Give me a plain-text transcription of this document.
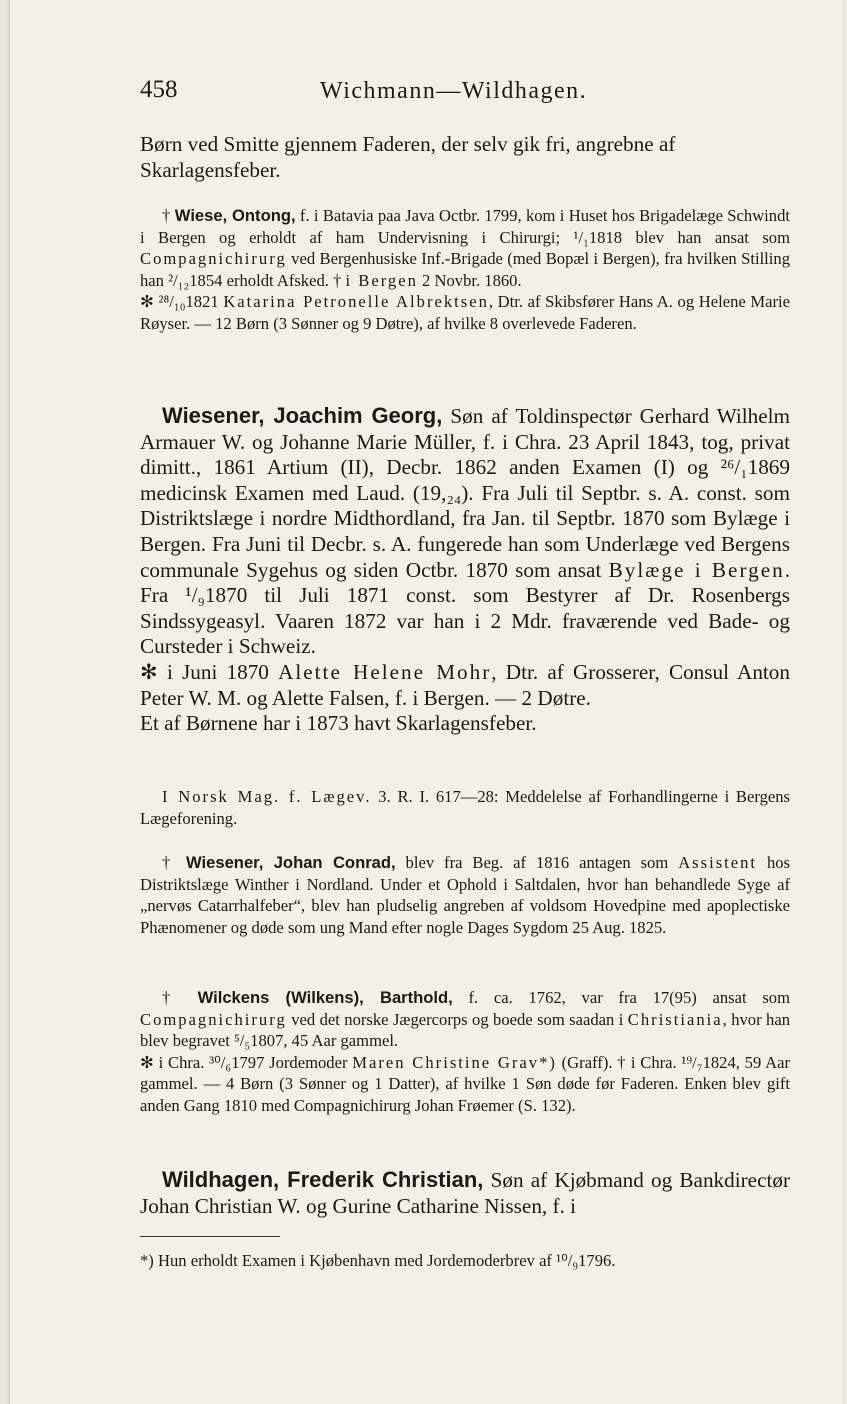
458	Wichmann—Wildhagen.

Børn ved Smitte gjennem Faderen, der selv gik fri, angrebne af
Skarlagensfeber.

† Wiese, Ontong, f. i Batavia paa Java Octbr. 1799, kom i Huset hos Brigadelæge Schwindt i Bergen og erholdt af ham Undervisning i Chirurgi; ¹/₁1818 blev han ansat som Compagnichirurg ved Bergenhusiske Inf.-Brigade (med Bopæl i Bergen), fra hvilken Stilling han ²/₁₂1854 erholdt Afsked. † i Bergen 2 Novbr. 1860.
✻ ²⁸/₁₀1821 Katarina Petronelle Albrektsen, Dtr. af Skibsfører Hans A. og Helene Marie Røyser. — 12 Børn (3 Sønner og 9 Døtre), af hvilke 8 overlevede Faderen.

Wiesener, Joachim Georg, Søn af Toldinspectør Gerhard Wilhelm Armauer W. og Johanne Marie Müller, f. i Chra. 23 April 1843, tog, privat dimitt., 1861 Artium (II), Decbr. 1862 anden Examen (I) og ²⁶/₁1869 medicinsk Examen med Laud. (19,₂₄). Fra Juli til Septbr. s. A. const. som Distriktslæge i nordre Midthordland, fra Jan. til Septbr. 1870 som Bylæge i Bergen. Fra Juni til Decbr. s. A. fungerede han som Underlæge ved Bergens communale Sygehus og siden Octbr. 1870 som ansat Bylæge i Bergen. Fra ¹/₉1870 til Juli 1871 const. som Bestyrer af Dr. Rosenbergs Sindssygeasyl. Vaaren 1872 var han i 2 Mdr. fraværende ved Bade- og Cursteder i Schweiz.
✻ i Juni 1870 Alette Helene Mohr, Dtr. af Grosserer, Consul Anton Peter W. M. og Alette Falsen, f. i Bergen. — 2 Døtre.
Et af Børnene har i 1873 havt Skarlagensfeber.

I Norsk Mag. f. Lægev. 3. R. I. 617—28: Meddelelse af Forhandlingerne i Bergens Lægeforening.

† Wiesener, Johan Conrad, blev fra Beg. af 1816 antagen som Assistent hos Distriktslæge Winther i Nordland. Under et Ophold i Saltdalen, hvor han behandlede Syge af „nervøs Catarrhalfeber“, blev han pludselig angreben af voldsom Hovedpine med apoplectiske Phænomener og døde som ung Mand efter nogle Dages Sygdom 25 Aug. 1825.

† Wilckens (Wilkens), Barthold, f. ca. 1762, var fra 17(95) ansat som Compagnichirurg ved det norske Jægercorps og boede som saadan i Christiania, hvor han blev begravet ⁵/₅1807, 45 Aar gammel.
✻ i Chra. ³⁰/₆1797 Jordemoder Maren Christine Grav*) (Graff). † i Chra. ¹⁹/₇1824, 59 Aar gammel. — 4 Børn (3 Sønner og 1 Datter), af hvilke 1 Søn døde før Faderen. Enken blev gift anden Gang 1810 med Compagnichirurg Johan Frøemer (S. 132).

Wildhagen, Frederik Christian, Søn af Kjøbmand og Bankdirectør Johan Christian W. og Gurine Catharine Nissen, f. i

*) Hun erholdt Examen i Kjøbenhavn med Jordemoderbrev af ¹⁰/₉1796.
